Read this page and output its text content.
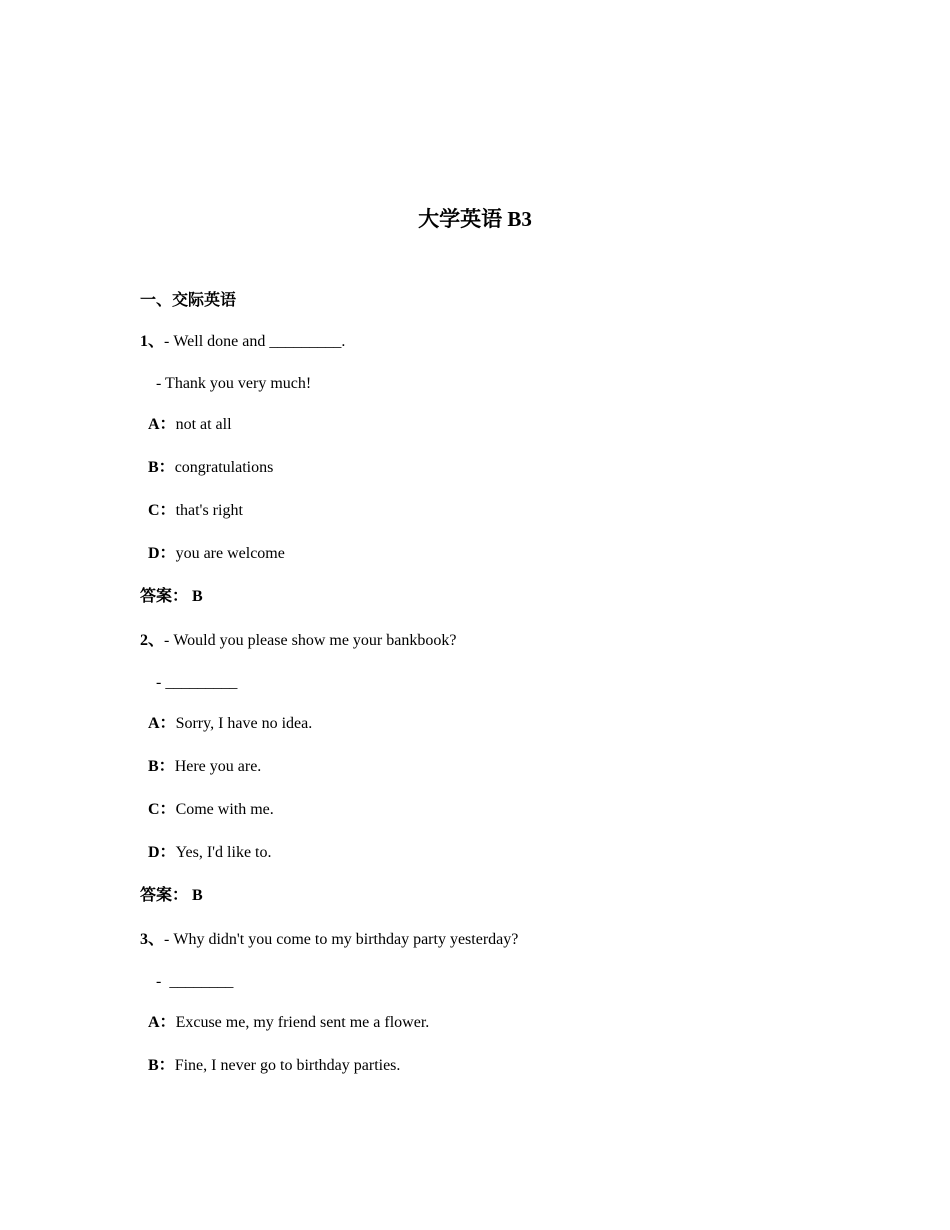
大学英语 B3
一、交际英语
1、- Well done and _________.
- Thank you very much!
A：not at all
B：congratulations
C：that's right
D：you are welcome
答案： B
2、- Would you please show me your bankbook?
- _________
A：Sorry, I have no idea.
B：Here you are.
C：Come with me.
D：Yes, I'd like to.
答案： B
3、- Why didn't you come to my birthday party yesterday?
-  ________
A：Excuse me, my friend sent me a flower.
B：Fine, I never go to birthday parties.
